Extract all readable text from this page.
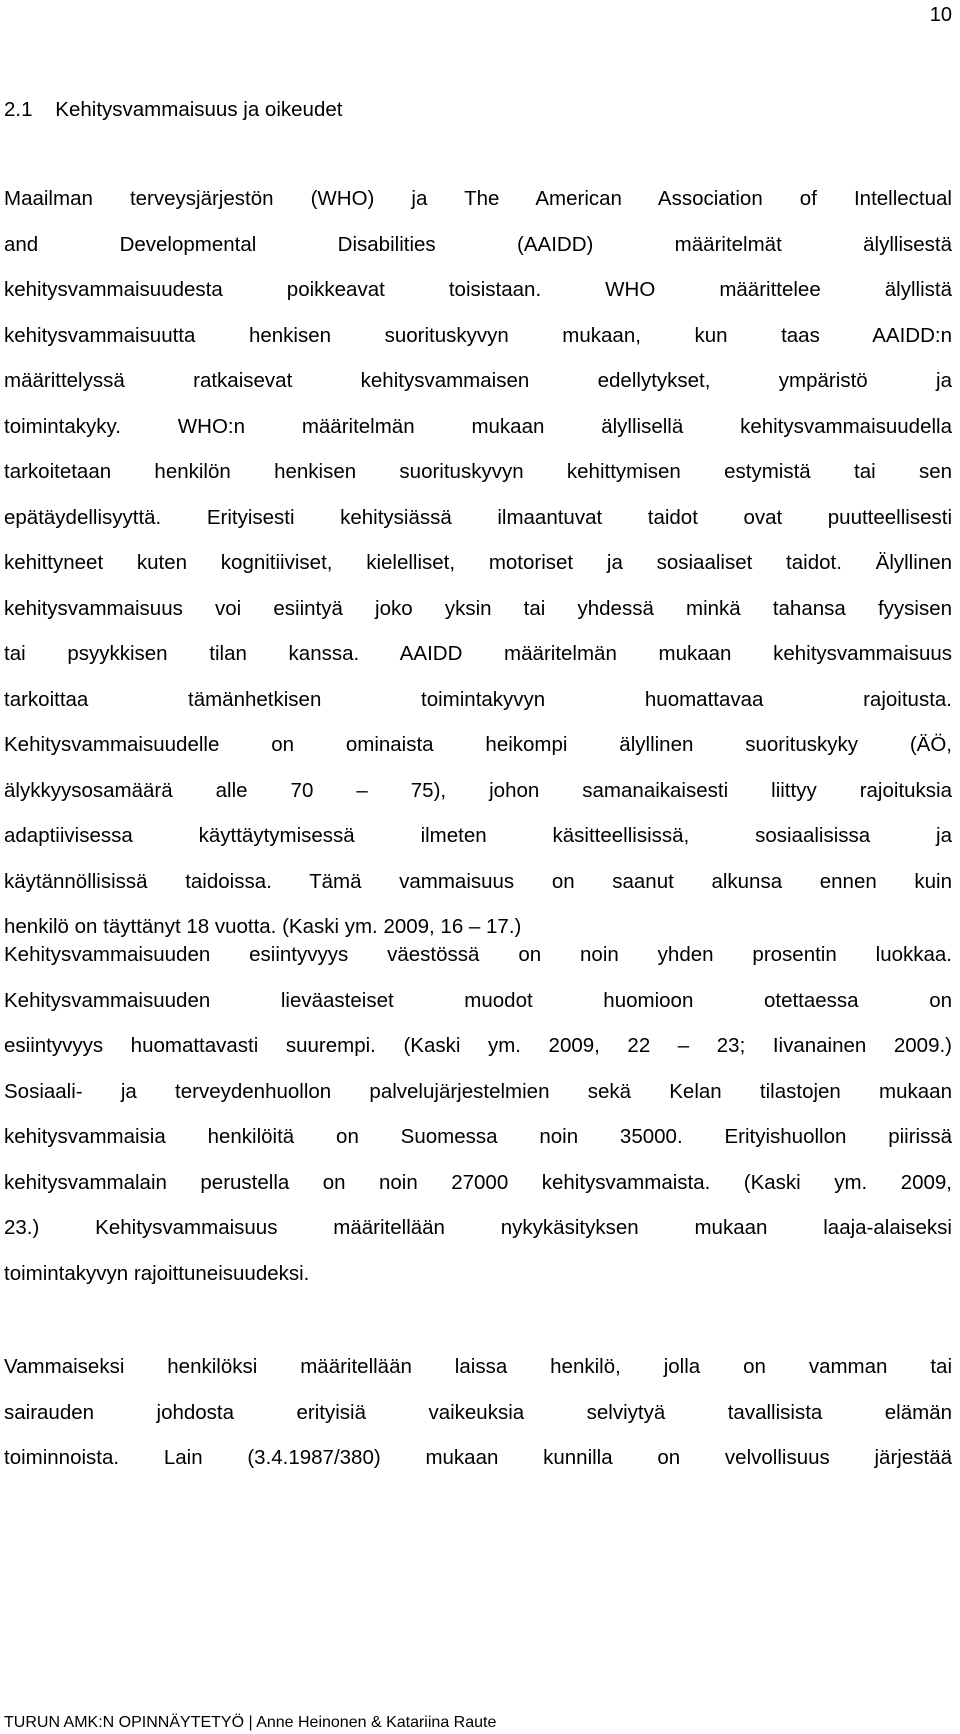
10
2.1 Kehitysvammaisuus ja oikeudet
Maailman terveysjärjestön (WHO) ja The American Association of Intellectual
and Developmental Disabilities (AAIDD) määritelmät älyllisestä
kehitysvammaisuudesta poikkeavat toisistaan. WHO määrittelee älyllistä
kehitysvammaisuutta henkisen suorituskyvyn mukaan, kun taas AAIDD:n
määrittelyssä ratkaisevat kehitysvammaisen edellytykset, ympäristö ja
toimintakyky. WHO:n määritelmän mukaan älyllisellä kehitysvammaisuudella
tarkoitetaan henkilön henkisen suorituskyvyn kehittymisen estymistä tai sen
epätäydellisyyttä. Erityisesti kehitysiässä ilmaantuvat taidot ovat puutteellisesti
kehittyneet kuten kognitiiviset, kielelliset, motoriset ja sosiaaliset taidot. Älyllinen
kehitysvammaisuus voi esiintyä joko yksin tai yhdessä minkä tahansa fyysisen
tai psyykkisen tilan kanssa. AAIDD määritelmän mukaan kehitysvammaisuus
tarkoittaa tämänhetkisen toimintakyvyn huomattavaa rajoitusta.
Kehitysvammaisuudelle on ominaista heikompi älyllinen suorituskyky (ÄÖ,
älykkyysosamäärä alle 70 – 75), johon samanaikaisesti liittyy rajoituksia
adaptiivisessa käyttäytymisessä ilmeten käsitteellisissä, sosiaalisissa ja
käytännöllisissä taidoissa. Tämä vammaisuus on saanut alkunsa ennen kuin
henkilö on täyttänyt 18 vuotta. (Kaski ym. 2009, 16 – 17.)
Kehitysvammaisuuden esiintyvyys väestössä on noin yhden prosentin luokkaa.
Kehitysvammaisuuden lieväasteiset muodot huomioon otettaessa on
esiintyvyys huomattavasti suurempi. (Kaski ym. 2009, 22 – 23; Iivanainen 2009.)
Sosiaali- ja terveydenhuollon palvelujärjestelmien sekä Kelan tilastojen mukaan
kehitysvammaisia henkilöitä on Suomessa noin 35000. Erityishuollon piirissä
kehitysvammalain perustella on noin 27000 kehitysvammaista. (Kaski ym. 2009,
23.) Kehitysvammaisuus määritellään nykykäsityksen mukaan laaja-alaiseksi
toimintakyvyn rajoittuneisuudeksi.
Vammaiseksi henkilöksi määritellään laissa henkilö, jolla on vamman tai
sairauden johdosta erityisiä vaikeuksia selviytyä tavallisista elämän
toiminnoista. Lain (3.4.1987/380) mukaan kunnilla on velvollisuus järjestää
TURUN AMK:N OPINNÄYTETYÖ | Anne Heinonen & Katariina Raute
